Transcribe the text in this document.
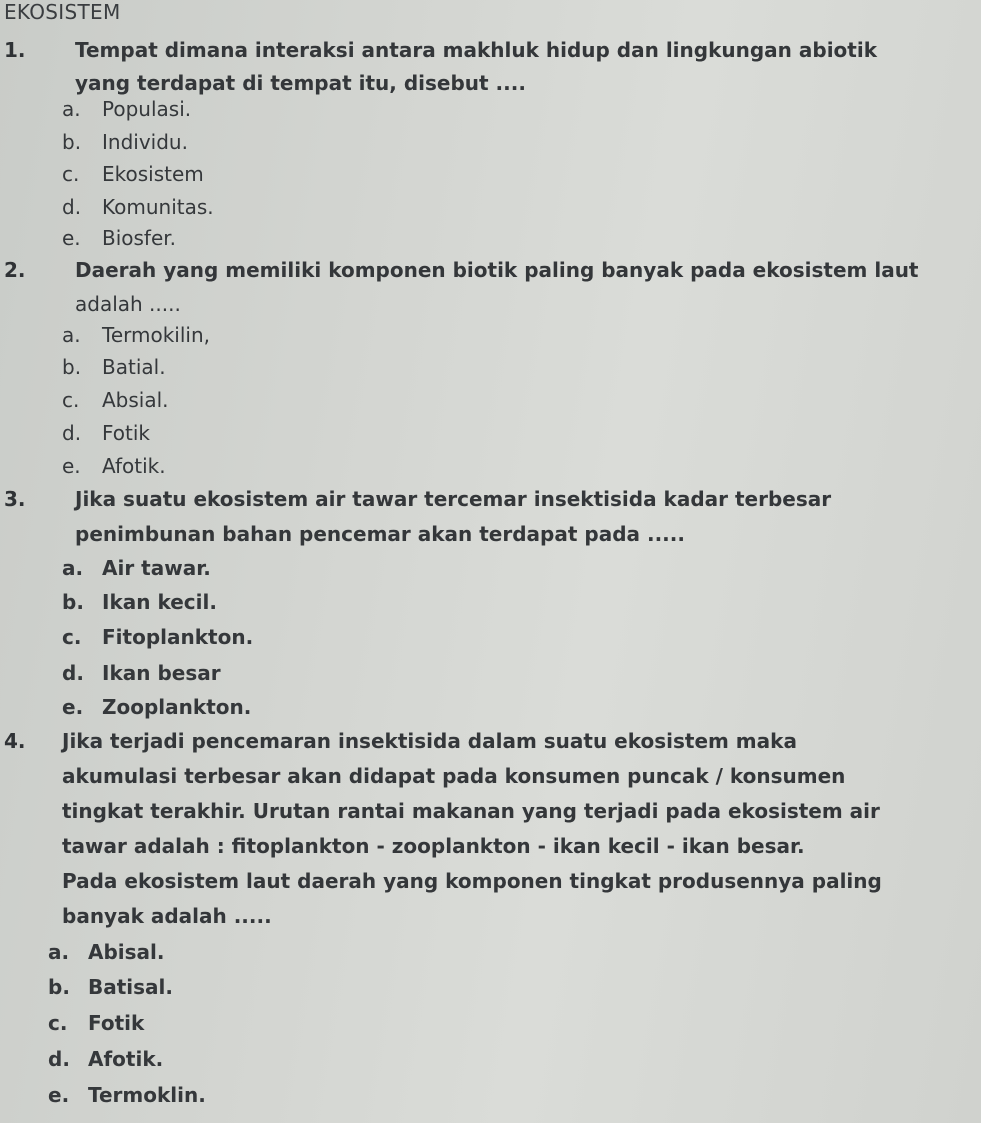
EKOSISTEM
1. Tempat dimana interaksi antara makhluk hidup dan lingkungan abiotik
yang terdapat di tempat itu, disebut ....
a. Populasi.
b. Individu.
c. Ekosistem
d. Komunitas.
e. Biosfer.
2. Daerah yang memiliki komponen biotik paling banyak pada ekosistem laut
adalah .....
a. Termokilin,
b. Batial.
c. Absial.
d. Fotik
e. Afotik.
3. Jika suatu ekosistem air tawar tercemar insektisida kadar terbesar
penimbunan bahan pencemar akan terdapat pada .....
a. Air tawar.
b. Ikan kecil.
c. Fitoplankton.
d. Ikan besar
e. Zooplankton.
4. Jika terjadi pencemaran insektisida dalam suatu ekosistem maka
akumulasi terbesar akan didapat pada konsumen puncak / konsumen
tingkat terakhir. Urutan rantai makanan yang terjadi pada ekosistem air
tawar adalah : fitoplankton - zooplankton - ikan kecil - ikan besar.
Pada ekosistem laut daerah yang komponen tingkat produsennya paling
banyak adalah .....
a. Abisal.
b. Batisal.
c. Fotik
d. Afotik.
e. Termoklin.
